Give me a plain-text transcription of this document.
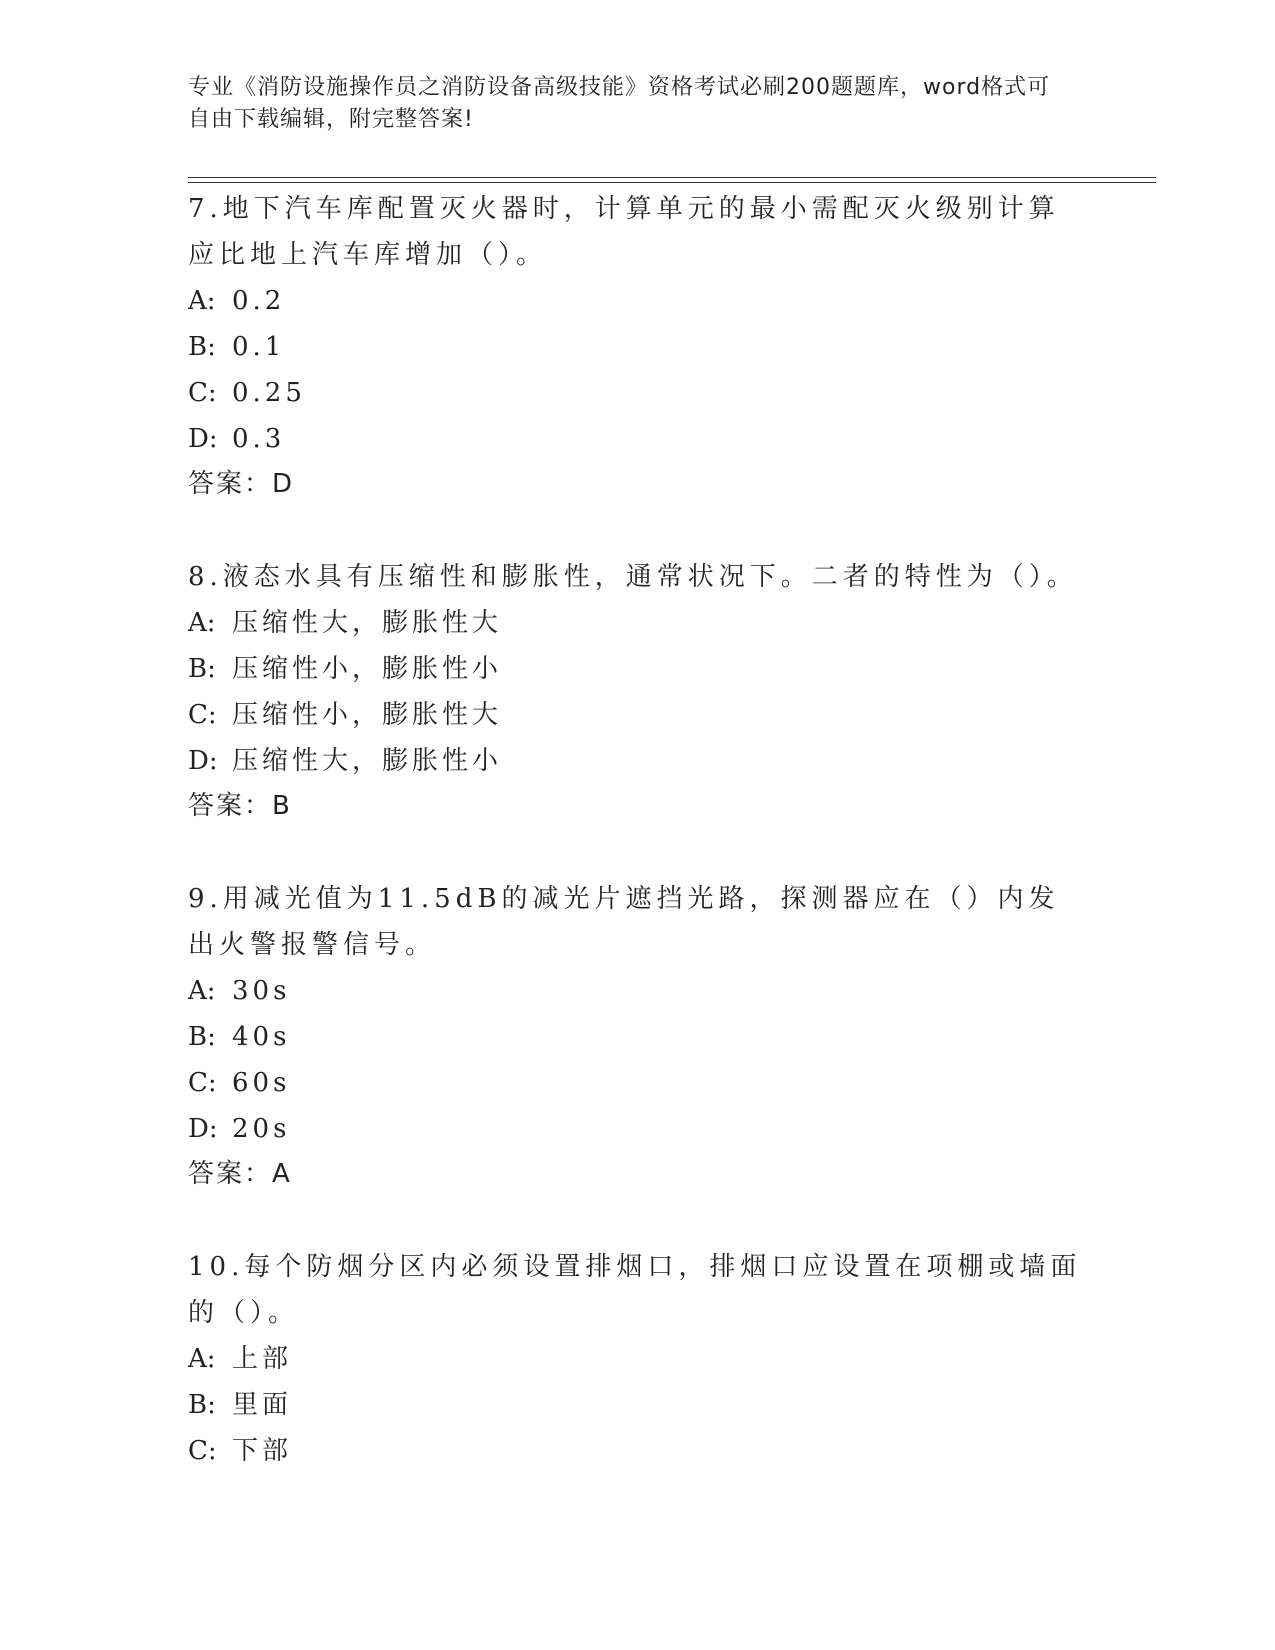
专业《消防设施操作员之消防设备高级技能》资格考试必刷200题题库，word格式可自由下载编辑，附完整答案!

7.地下汽车库配置灭火器时，计算单元的最小需配灭火级别计算应比地上汽车库增加（）。

A: 0.2

B: 0.1

C: 0.25

D: 0.3

答案：D

8.液态水具有压缩性和膨胀性，通常状况下。二者的特性为（）。

A: 压缩性大，膨胀性大

B: 压缩性小，膨胀性小

C: 压缩性小，膨胀性大

D: 压缩性大，膨胀性小

答案：B

9.用减光值为11.5dB的减光片遮挡光路，探测器应在（）内发出火警报警信号。

A: 30s

B: 40s

C: 60s

D: 20s

答案：A

10.每个防烟分区内必须设置排烟口，排烟口应设置在项棚或墙面的（）。

A: 上部

B: 里面

C: 下部
